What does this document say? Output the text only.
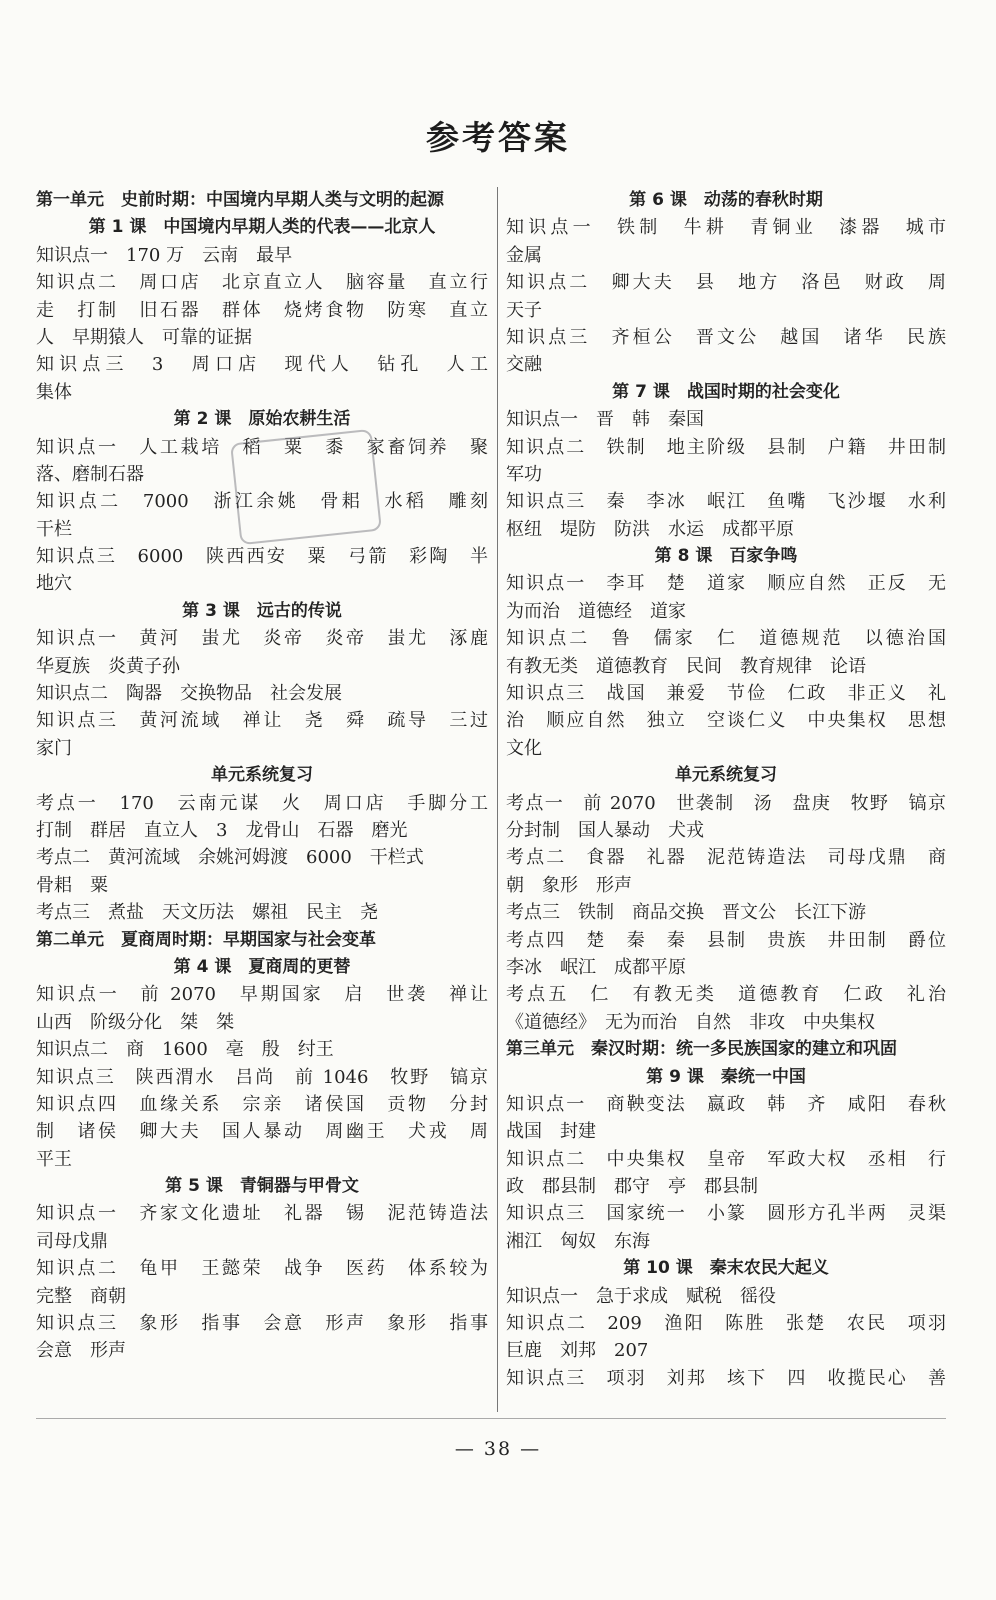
参考答案
第一单元　史前时期：中国境内早期人类与文明的起源
第 1 课　中国境内早期人类的代表——北京人
知识点一　170 万　云南　最早
知识点二　周口店　北京直立人　脑容量　直立行
走　打制　旧石器　群体　烧烤食物　防寒　直立
人　早期猿人　可靠的证据
知识点三　3　周口店　现代人　钻孔　人工
集体
第 2 课　原始农耕生活
知识点一　人工栽培　稻　粟　黍　家畜饲养　聚
落、磨制石器
知识点二　7000　浙江余姚　骨耜　水稻　雕刻
干栏
知识点三　6000　陕西西安　粟　弓箭　彩陶　半
地穴
第 3 课　远古的传说
知识点一　黄河　蚩尤　炎帝　炎帝　蚩尤　涿鹿
华夏族　炎黄子孙
知识点二　陶器　交换物品　社会发展
知识点三　黄河流域　禅让　尧　舜　疏导　三过
家门
单元系统复习
考点一　170　云南元谋　火　周口店　手脚分工
打制　群居　直立人　3　龙骨山　石器　磨光
考点二　黄河流域　余姚河姆渡　6000　干栏式
骨耜　粟
考点三　煮盐　天文历法　嫘祖　民主　尧
第二单元　夏商周时期：早期国家与社会变革
第 4 课　夏商周的更替
知识点一　前 2070　早期国家　启　世袭　禅让
山西　阶级分化　桀　桀
知识点二　商　1600　亳　殷　纣王
知识点三　陕西渭水　吕尚　前 1046　牧野　镐京
知识点四　血缘关系　宗亲　诸侯国　贡物　分封
制　诸侯　卿大夫　国人暴动　周幽王　犬戎　周
平王
第 5 课　青铜器与甲骨文
知识点一　齐家文化遗址　礼器　锡　泥范铸造法
司母戊鼎
知识点二　龟甲　王懿荣　战争　医药　体系较为
完整　商朝
知识点三　象形　指事　会意　形声　象形　指事
会意　形声
第 6 课　动荡的春秋时期
知识点一　铁制　牛耕　青铜业　漆器　城市
金属
知识点二　卿大夫　县　地方　洛邑　财政　周
天子
知识点三　齐桓公　晋文公　越国　诸华　民族
交融
第 7 课　战国时期的社会变化
知识点一　晋　韩　秦国
知识点二　铁制　地主阶级　县制　户籍　井田制
军功
知识点三　秦　李冰　岷江　鱼嘴　飞沙堰　水利
枢纽　堤防　防洪　水运　成都平原
第 8 课　百家争鸣
知识点一　李耳　楚　道家　顺应自然　正反　无
为而治　道德经　道家
知识点二　鲁　儒家　仁　道德规范　以德治国
有教无类　道德教育　民间　教育规律　论语
知识点三　战国　兼爱　节俭　仁政　非正义　礼
治　顺应自然　独立　空谈仁义　中央集权　思想
文化
单元系统复习
考点一　前 2070　世袭制　汤　盘庚　牧野　镐京
分封制　国人暴动　犬戎
考点二　食器　礼器　泥范铸造法　司母戊鼎　商
朝　象形　形声
考点三　铁制　商品交换　晋文公　长江下游
考点四　楚　秦　秦　县制　贵族　井田制　爵位
李冰　岷江　成都平原
考点五　仁　有教无类　道德教育　仁政　礼治
《道德经》　无为而治　自然　非攻　中央集权
第三单元　秦汉时期：统一多民族国家的建立和巩固
第 9 课　秦统一中国
知识点一　商鞅变法　嬴政　韩　齐　咸阳　春秋
战国　封建
知识点二　中央集权　皇帝　军政大权　丞相　行
政　郡县制　郡守　亭　郡县制
知识点三　国家统一　小篆　圆形方孔半两　灵渠
湘江　匈奴　东海
第 10 课　秦末农民大起义
知识点一　急于求成　赋税　徭役
知识点二　209　渔阳　陈胜　张楚　农民　项羽
巨鹿　刘邦　207
知识点三　项羽　刘邦　垓下　四　收揽民心　善
— 38 —
